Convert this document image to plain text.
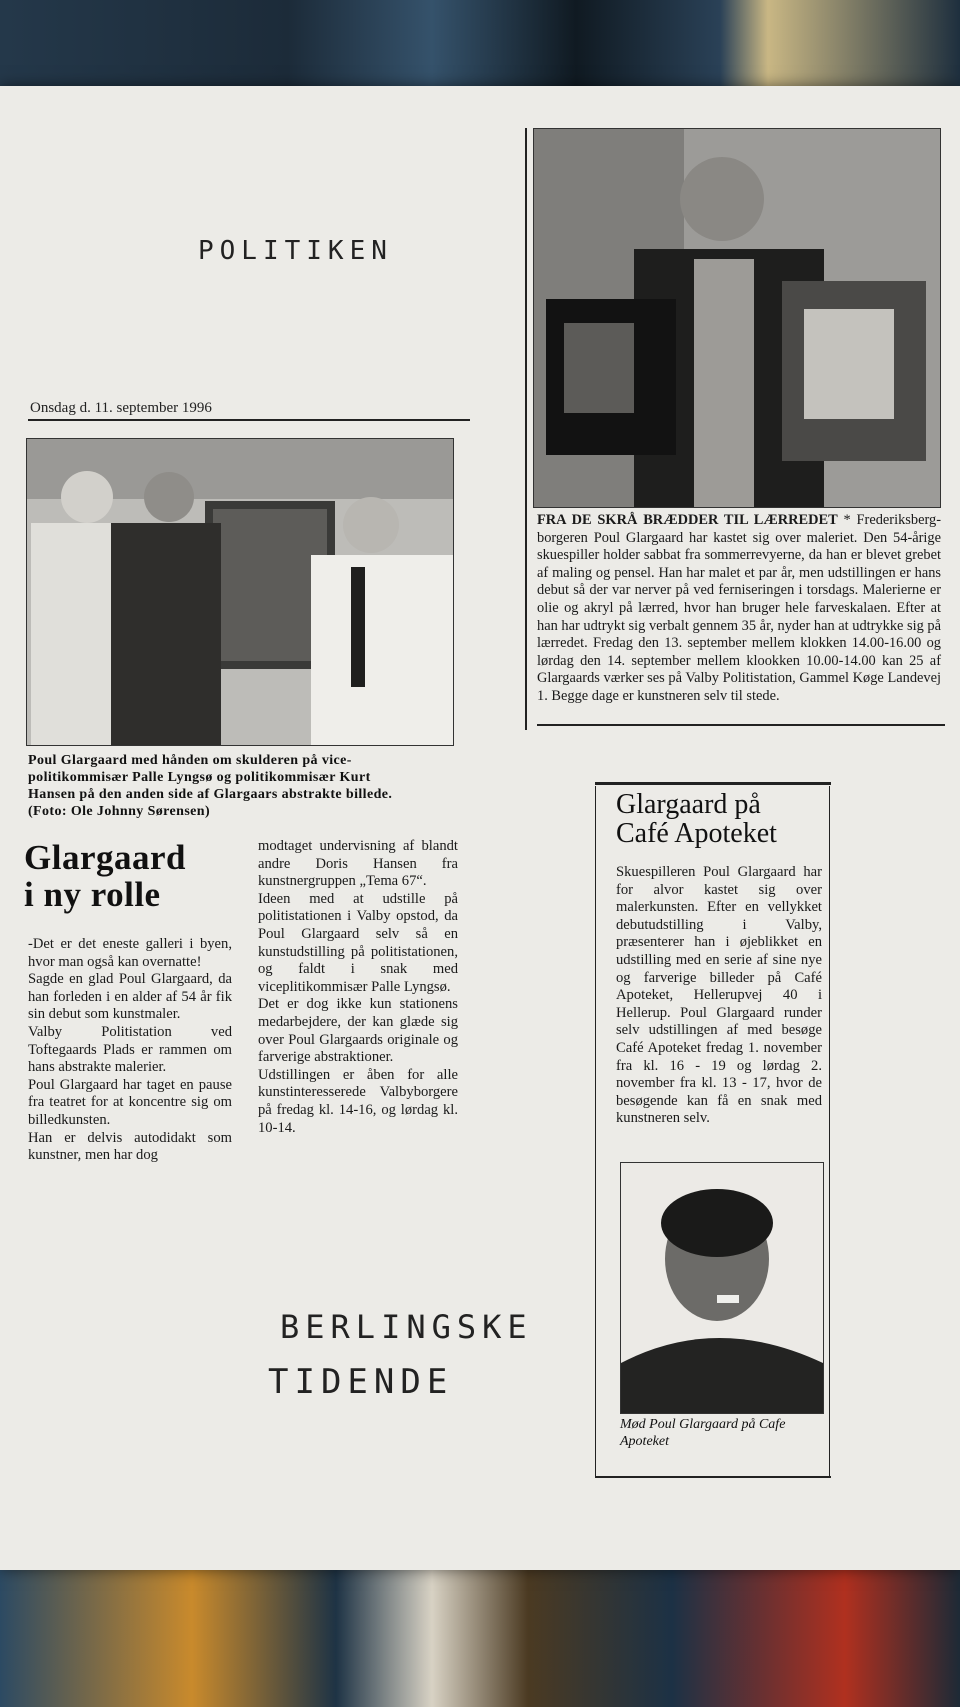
POLITIKEN
BERLINGSKE
TIDENDE
Onsdag d. 11. september 1996
Poul Glargaard med hånden om skulderen på vice-
politikommisær Palle Lyngsø og politikommisær Kurt
Hansen på den anden side af Glargaars abstrakte billede.
(Foto: Ole Johnny Sørensen)
Glargaard
i ny rolle

-Det er det eneste galleri i byen, hvor man også kan overnatte!
Sagde en glad Poul Glargaard, da han forleden i en alder af 54 år fik sin debut som kunstmaler.
Valby Politistation ved Toftegaards Plads er rammen om hans abstrakte malerier.
Poul Glargaard har taget en pause fra teatret for at koncentre sig om billedkunsten.
Han er delvis autodidakt som kunstner, men har dog

modtaget undervisning af blandt andre Doris Hansen fra kunstnergruppen „Tema 67“.
Ideen med at udstille på politistationen i Valby opstod, da Poul Glargaard selv så en kunstudstilling på politistationen, og faldt i snak med viceplitikommisær Palle Lyngsø.
Det er dog ikke kun stationens medarbejdere, der kan glæde sig over Poul Glargaards originale og farverige abstraktioner.
Udstillingen er åben for alle kunstinteresserede Valbyborgere på fredag kl. 14-16, og lørdag kl. 10-14.

FRA DE SKRÅ BRÆDDER TIL LÆRREDET * Frederiksberg-borgeren Poul Glargaard har kastet sig over maleriet. Den 54-årige skuespiller holder sabbat fra sommerrevyerne, da han er blevet grebet af maling og pensel. Han har malet et par år, men udstillingen er hans debut så der var nerver på ved ferniseringen i torsdags. Malerierne er olie og akryl på lærred, hvor han bruger hele farveskalaen. Efter at han har udtrykt sig verbalt gennem 35 år, nyder han at udtrykke sig på lærredet. Fredag den 13. september mellem klokken 14.00-16.00 og lørdag den 14. september mellem klookken 10.00-14.00 kan 25 af Glargaards værker ses på Valby Politistation, Gammel Køge Landevej 1. Begge dage er kunstneren selv til stede.

Glargaard på
Café Apoteket

Skuespilleren Poul Glargaard har for alvor kastet sig over malerkunsten. Efter en vellykket debutudstilling i Valby, præsenterer han i øjeblikket en udstilling med en serie af sine nye og farverige billeder på Café Apoteket, Hellerupvej 40 i Hellerup. Poul Glargaard runder selv udstillingen af med besøge Café Apoteket fredag 1. november fra kl. 16 - 19 og lørdag 2. november fra kl. 13 - 17, hvor de besøgende kan få en snak med kunstneren selv.

Mød Poul Glargaard på Cafe
Apoteket
